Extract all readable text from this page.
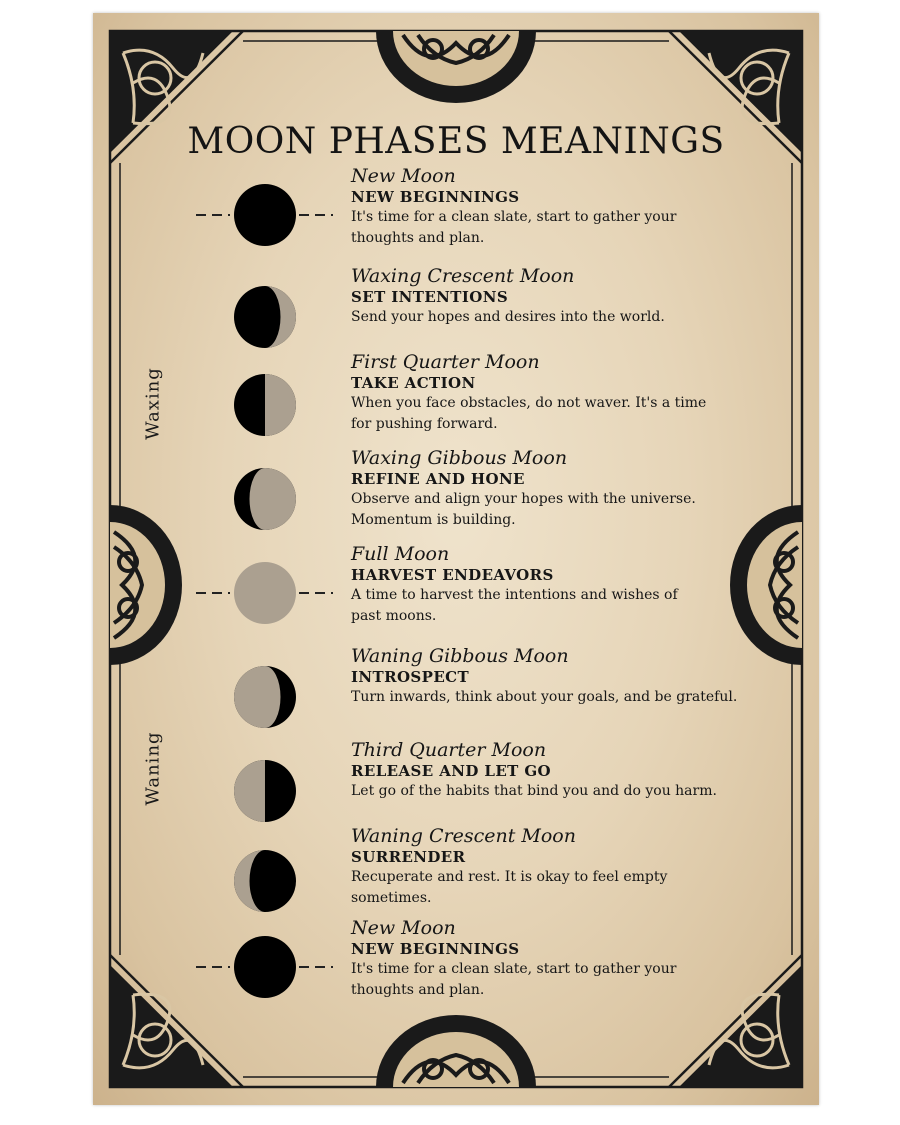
MOON PHASES MEANINGS
Waxing
Waning
New Moon
NEW BEGINNINGS
It's time for a clean slate, start to gather your
thoughts and plan.
Waxing Crescent Moon
SET INTENTIONS
Send your hopes and desires into the world.
First Quarter Moon
TAKE ACTION
When you face obstacles, do not waver. It's a time
for pushing forward.
Waxing Gibbous Moon
REFINE AND HONE
Observe and align your hopes with the universe.
Momentum is building.
Full Moon
HARVEST ENDEAVORS
A time to harvest the intentions and wishes of
past moons.
Waning Gibbous Moon
INTROSPECT
Turn inwards, think about your goals, and be grateful.
Third Quarter Moon
RELEASE AND LET GO
Let go of the habits that bind you and do you harm.
Waning Crescent Moon
SURRENDER
Recuperate and rest. It is okay to feel empty
sometimes.
New Moon
NEW BEGINNINGS
It's time for a clean slate, start to gather your
thoughts and plan.
